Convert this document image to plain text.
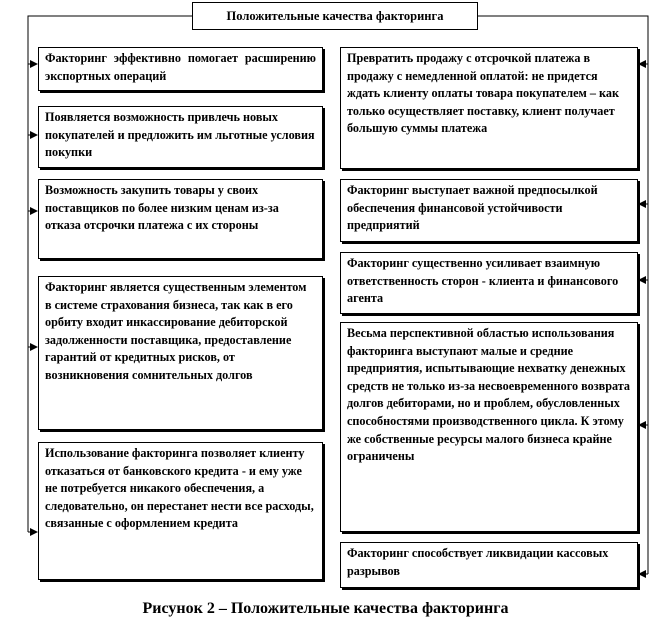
Положительные качества факторинга
Факторинг эффективно помогает расширению экспортных операций
Появляется возможность привлечь новых покупателей и предложить им льготные условия покупки
Возможность закупить товары у своих поставщиков по более низким ценам из-за отказа отсрочки платежа с их стороны
Факторинг является существенным элементом в системе страхования бизнеса, так как в его орбиту входит инкассирование дебиторской задолженности поставщика, предоставление гарантий от кредитных рисков, от возникновения сомнительных долгов
Использование факторинга позволяет клиенту отказаться от банковского кредита - и ему уже не потребуется никакого обеспечения, а следовательно, он перестанет нести все расходы, связанные с оформлением кредита
Превратить продажу с отсрочкой платежа в продажу с немедленной оплатой: не придется ждать клиенту оплаты товара покупателем – как только осуществляет поставку, клиент получает большую суммы платежа
Факторинг выступает важной предпосылкой обеспечения финансовой устойчивости предприятий
Факторинг существенно усиливает взаимную ответственность сторон - клиента и финансового агента
Весьма перспективной областью использования факторинга выступают малые и средние предприятия, испытывающие нехватку денежных средств не только из-за несвоевременного возврата долгов дебиторами, но и проблем, обусловленных способностями производственного цикла. К этому же собственные ресурсы малого бизнеса крайне ограничены
Факторинг способствует ликвидации кассовых разрывов
Рисунок 2 – Положительные качества факторинга
